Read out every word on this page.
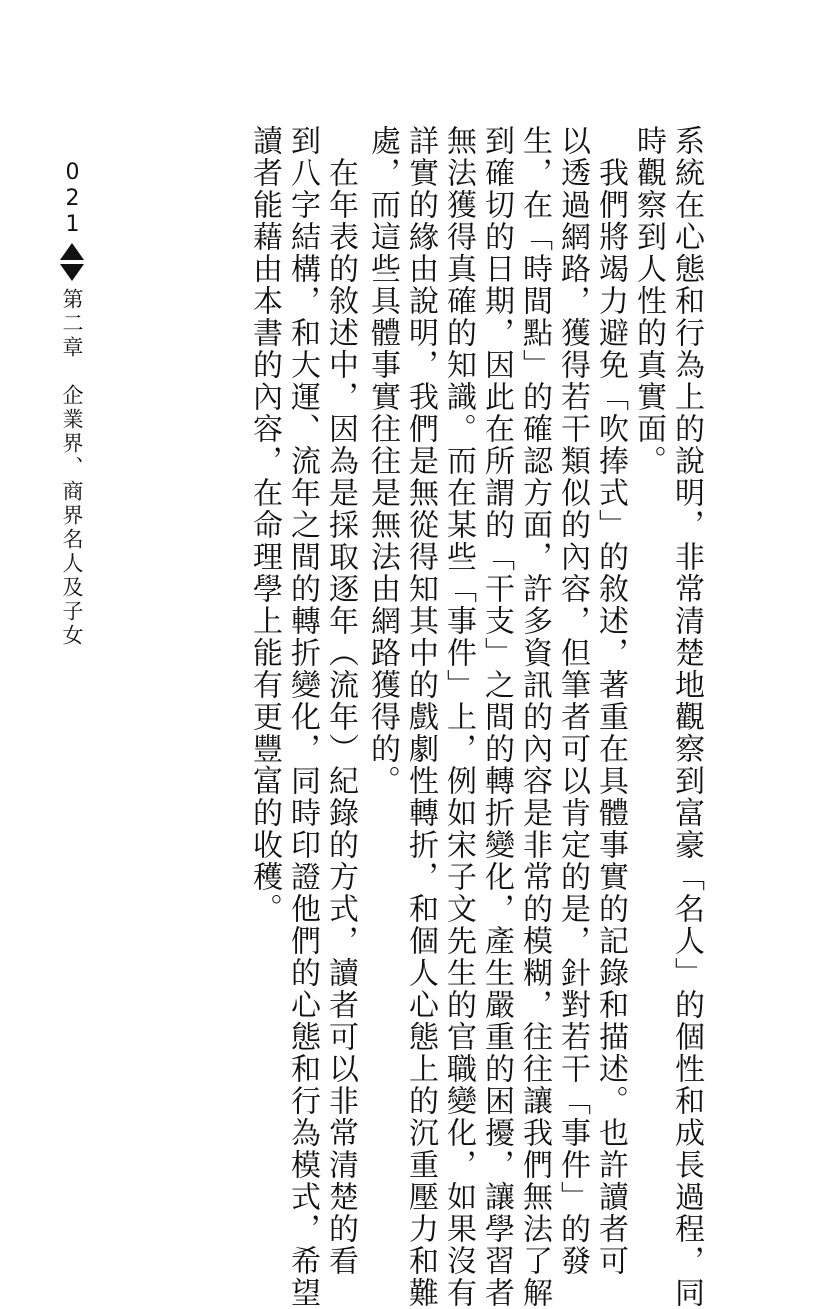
系統在心態和行為上的說明，非常清楚地觀察到富豪「名人」的個性和成長過程，同
時觀察到人性的真實面。
　我們將竭力避免「吹捧式」的敘述，著重在具體事實的記錄和描述。也許讀者可
以透過網路，獲得若干類似的內容，但筆者可以肯定的是，針對若干「事件」的發
生，在「時間點」的確認方面，許多資訊的內容是非常的模糊，往往讓我們無法了解
到確切的日期，因此在所謂的「干支」之間的轉折變化，產生嚴重的困擾，讓學習者
無法獲得真確的知識。而在某些「事件」上，例如宋子文先生的官職變化，如果沒有
詳實的緣由說明，我們是無從得知其中的戲劇性轉折，和個人心態上的沉重壓力和難
處，而這些具體事實往往是無法由網路獲得的。
　在年表的敘述中，因為是採取逐年（流年）紀錄的方式，讀者可以非常清楚的看
到八字結構，和大運、流年之間的轉折變化，同時印證他們的心態和行為模式，希望
讀者能藉由本書的內容，在命理學上能有更豐富的收穫。
021
第二章　企業界、商界名人及子女
